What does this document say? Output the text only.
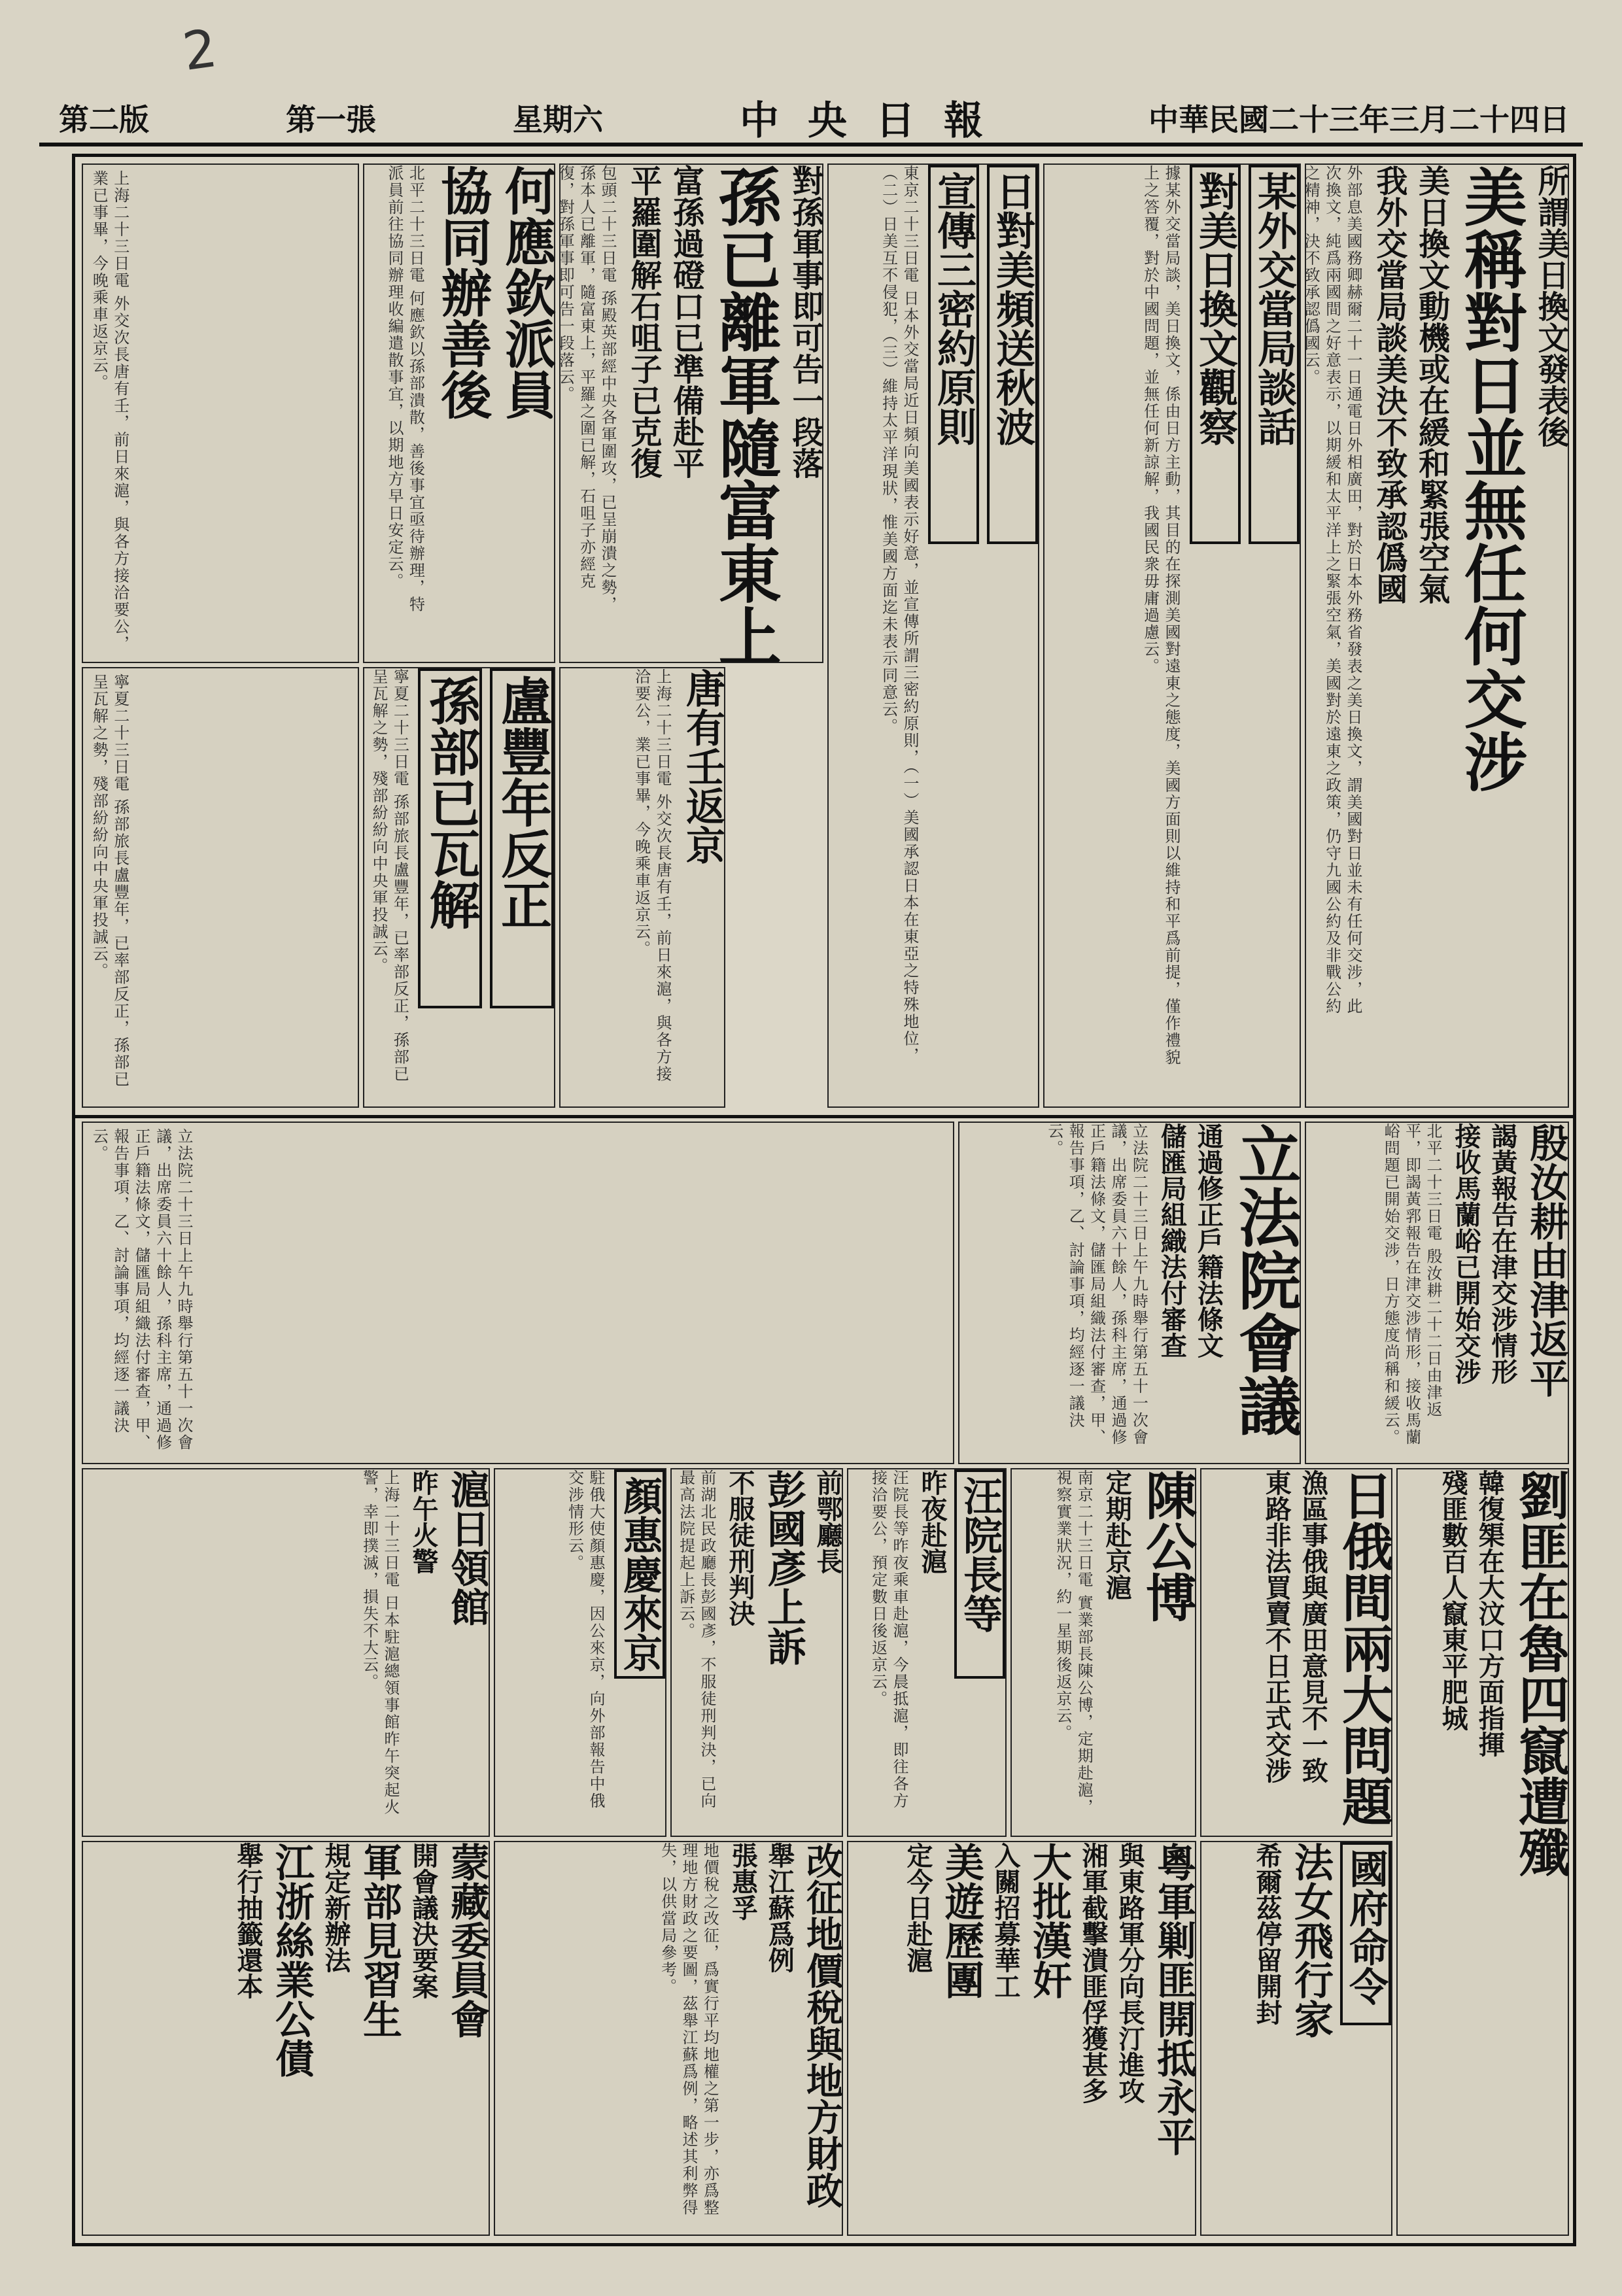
2
中華民國二十三年三月二十四日
中央日報
星期六
第一張
第二版
所謂美日換文發表後
美稱對日並無任何交涉
美日換文動機或在緩和緊張空氣
我外交當局談美決不致承認僞國
外部息美國務卿赫爾二十一日通電日外相廣田，對於日本外務省發表之美日換文，謂美國對日並未有任何交涉，此次換文，純爲兩國間之好意表示，以期緩和太平洋上之緊張空氣，美國對於遠東之政策，仍守九國公約及非戰公約之精神，決不致承認僞國云。
某外交當局談話
對美日換文觀察
據某外交當局談，美日換文，係由日方主動，其目的在探測美國對遠東之態度，美國方面則以維持和平爲前提，僅作禮貌上之答覆，對於中國問題，並無任何新諒解，我國民衆毋庸過慮云。
日對美頻送秋波
宣傳三密約原則
東京二十三日電 日本外交當局近日頻向美國表示好意，並宣傳所謂三密約原則，（一）美國承認日本在東亞之特殊地位，（二）日美互不侵犯，（三）維持太平洋現狀，惟美國方面迄未表示同意云。
對孫軍事即可告一段落
孫已離軍隨富東上
富孫過磴口已準備赴平
平羅圍解石咀子已克復
包頭二十三日電 孫殿英部經中央各軍圍攻，已呈崩潰之勢，孫本人已離軍，隨富東上，平羅之圍已解，石咀子亦經克復，對孫軍事即可告一段落云。
何應欽派員
協同辦善後
北平二十三日電 何應欽以孫部潰散，善後事宜亟待辦理，特派員前往協同辦理收編遣散事宜，以期地方早日安定云。
上海二十三日電 外交次長唐有壬，前日來滬，與各方接洽要公，業已事畢，今晚乘車返京云。
唐有壬返京
上海二十三日電 外交次長唐有壬，前日來滬，與各方接洽要公，業已事畢，今晚乘車返京云。
盧豐年反正
孫部已瓦解
寧夏二十三日電 孫部旅長盧豐年，已率部反正，孫部已呈瓦解之勢，殘部紛紛向中央軍投誠云。
寧夏二十三日電 孫部旅長盧豐年，已率部反正，孫部已呈瓦解之勢，殘部紛紛向中央軍投誠云。
殷汝耕由津返平
謁黃報告在津交涉情形
接收馬蘭峪已開始交涉
北平二十三日電 殷汝耕二十二日由津返平，即謁黃郛報告在津交涉情形，接收馬蘭峪問題已開始交涉，日方態度尚稱和緩云。
立法院會議
通過修正戶籍法條文
儲匯局組織法付審查
立法院二十三日上午九時舉行第五十一次會議，出席委員六十餘人，孫科主席，通過修正戶籍法條文，儲匯局組織法付審查，甲、報告事項，乙、討論事項，均經逐一議決云。
立法院二十三日上午九時舉行第五十一次會議，出席委員六十餘人，孫科主席，通過修正戶籍法條文，儲匯局組織法付審查，甲、報告事項，乙、討論事項，均經逐一議決云。
劉匪在魯四竄遭殲
韓復榘在大汶口方面指揮
殘匪數百人竄東平肥城
日俄間兩大問題
漁區事俄與廣田意見不一致
東路非法買賣不日正式交涉
陳公博
定期赴京滬
南京二十三日電 實業部長陳公博，定期赴滬，視察實業狀況，約一星期後返京云。
汪院長等
昨夜赴滬
汪院長等昨夜乘車赴滬，今晨抵滬，即往各方接洽要公，預定數日後返京云。
前鄂廳長
彭國彥上訴
不服徒刑判決
前湖北民政廳長彭國彥，不服徒刑判決，已向最高法院提起上訴云。
顏惠慶來京
駐俄大使顏惠慶，因公來京，向外部報告中俄交涉情形云。
滬日領館
昨午火警
上海二十三日電 日本駐滬總領事館昨午突起火警，幸即撲滅，損失不大云。
國府命令
法女飛行家
希爾茲停留開封
粵軍剿匪開抵永平
與東路軍分向長汀進攻
湘軍截擊潰匪俘獲甚多
大批漢奸
入關招募華工
美遊歷團
定今日赴滬
改征地價稅與地方財政
舉江蘇爲例
張惠孚
地價稅之改征，爲實行平均地權之第一步，亦爲整理地方財政之要圖，茲舉江蘇爲例，略述其利弊得失，以供當局參考。
蒙藏委員會
開會議決要案
軍部見習生
規定新辦法
江浙絲業公債
舉行抽籤還本
